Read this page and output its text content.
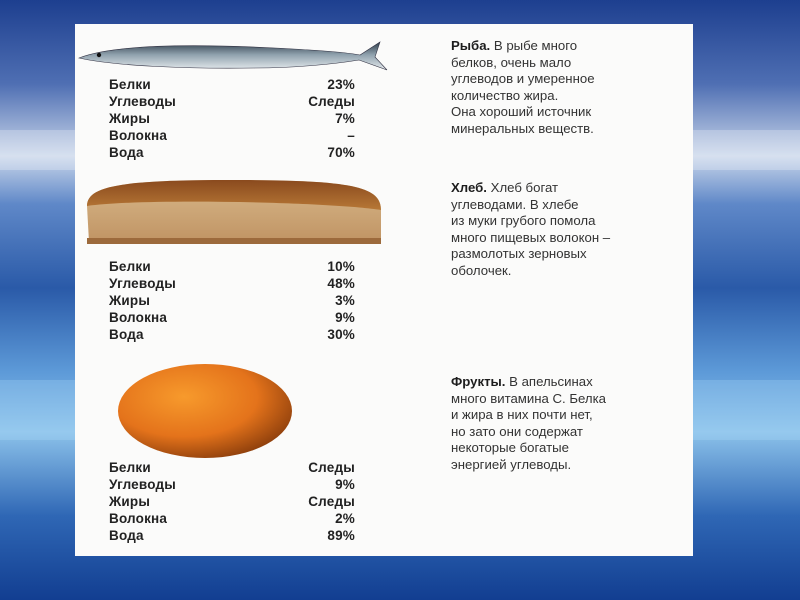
Белки	23%
Углеводы	Следы
Жиры	7%
Волокна	–
Вода	70%
Рыба. В рыбе много
белков, очень мало
углеводов и умеренное
количество жира.
Она хороший источник
минеральных веществ.
Белки	10%
Углеводы	48%
Жиры	3%
Волокна	9%
Вода	30%
Хлеб. Хлеб богат
углеводами. В хлебе
из муки грубого помола
много пищевых волокон –
размолотых зерновых
оболочек.
Белки	Следы
Углеводы	9%
Жиры	Следы
Волокна	2%
Вода	89%
Фрукты. В апельсинах
много витамина С. Белка
и жира в них почти нет,
но зато они содержат
некоторые богатые
энергией углеводы.
